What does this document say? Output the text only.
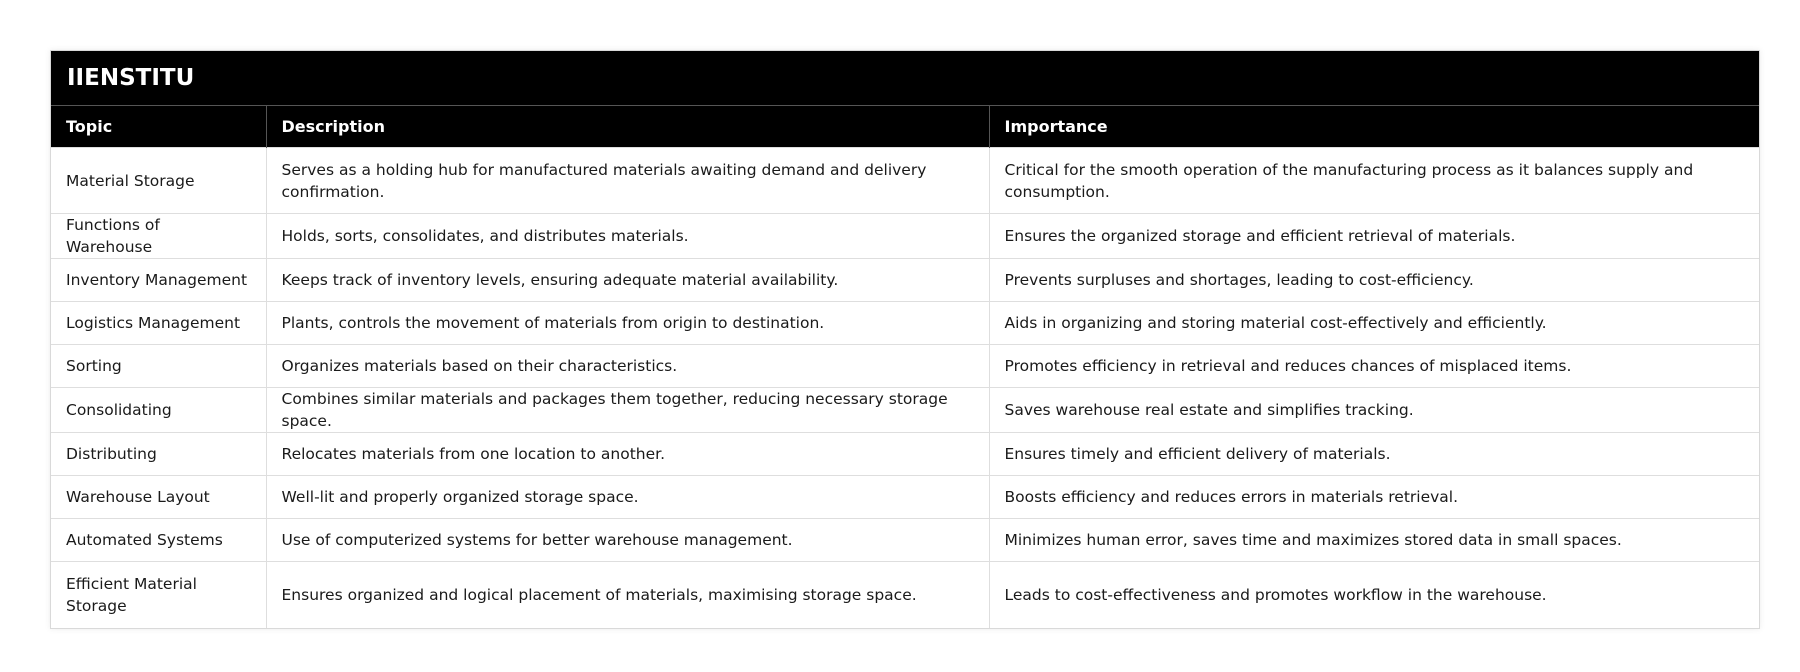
IIENSTITU
Topic	Description	Importance
Material Storage	Serves as a holding hub for manufactured materials awaiting demand and delivery confirmation.	Critical for the smooth operation of the manufacturing process as it balances supply and consumption.
Functions of Warehouse	Holds, sorts, consolidates, and distributes materials.	Ensures the organized storage and efficient retrieval of materials.
Inventory Management	Keeps track of inventory levels, ensuring adequate material availability.	Prevents surpluses and shortages, leading to cost-efficiency.
Logistics Management	Plants, controls the movement of materials from origin to destination.	Aids in organizing and storing material cost-effectively and efficiently.
Sorting	Organizes materials based on their characteristics.	Promotes efficiency in retrieval and reduces chances of misplaced items.
Consolidating	Combines similar materials and packages them together, reducing necessary storage space.	Saves warehouse real estate and simplifies tracking.
Distributing	Relocates materials from one location to another.	Ensures timely and efficient delivery of materials.
Warehouse Layout	Well-lit and properly organized storage space.	Boosts efficiency and reduces errors in materials retrieval.
Automated Systems	Use of computerized systems for better warehouse management.	Minimizes human error, saves time and maximizes stored data in small spaces.
Efficient Material Storage	Ensures organized and logical placement of materials, maximising storage space.	Leads to cost-effectiveness and promotes workflow in the warehouse.
